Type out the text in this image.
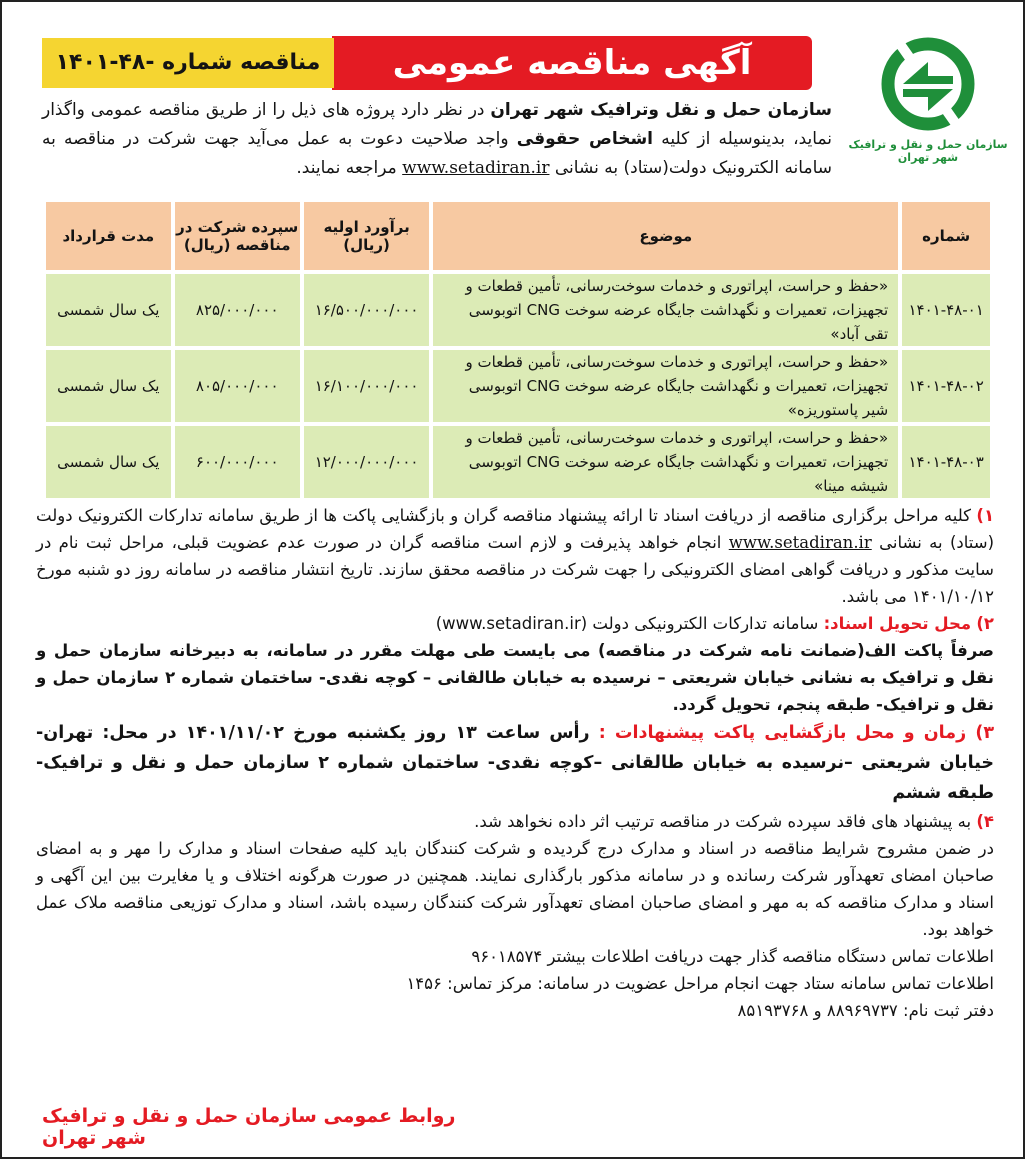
سازمان حمل و نقل و ترافیک شهر تهران
آگهی مناقصه عمومی
مناقصه شماره -۴۸-۱۴۰۱
سازمان حمل و نقل وترافیک شهر تهران در نظر دارد پروژه های ذیل را از طریق مناقصه عمومی واگذار نماید، بدینوسیله از کلیه اشخاص حقوقی واجد صلاحیت دعوت به عمل می‌آید جهت شرکت در مناقصه به سامانه الکترونیک دولت(ستاد) به نشانی www.setadiran.ir مراجعه نمایند.
شماره	موضوع	برآورد اولیه (ریال)	سپرده شرکت در مناقصه (ریال)	مدت قرارداد
۱۴۰۱-۴۸-۰۱	«حفظ و حراست، اپراتوری و خدمات سوخت‌رسانی، تأمین قطعات و تجهیزات، تعمیرات و نگهداشت جایگاه عرضه سوخت CNG اتوبوسی تقی آباد»	۱۶/۵۰۰/۰۰۰/۰۰۰	۸۲۵/۰۰۰/۰۰۰	یک سال شمسی
۱۴۰۱-۴۸-۰۲	«حفظ و حراست، اپراتوری و خدمات سوخت‌رسانی، تأمین قطعات و تجهیزات، تعمیرات و نگهداشت جایگاه عرضه سوخت CNG اتوبوسی شیر پاستوریزه»	۱۶/۱۰۰/۰۰۰/۰۰۰	۸۰۵/۰۰۰/۰۰۰	یک سال شمسی
۱۴۰۱-۴۸-۰۳	«حفظ و حراست، اپراتوری و خدمات سوخت‌رسانی، تأمین قطعات و تجهیزات، تعمیرات و نگهداشت جایگاه عرضه سوخت CNG اتوبوسی شیشه مینا»	۱۲/۰۰۰/۰۰۰/۰۰۰	۶۰۰/۰۰۰/۰۰۰	یک سال شمسی

۱) کلیه مراحل برگزاری مناقصه از دریافت اسناد تا ارائه پیشنهاد مناقصه گران و بازگشایی پاکت ها از طریق سامانه تدارکات الکترونیک دولت (ستاد) به نشانی www.setadiran.ir انجام خواهد پذیرفت و لازم است مناقصه گران در صورت عدم عضویت قبلی، مراحل ثبت نام در سایت مذکور و دریافت گواهی امضای الکترونیکی را جهت شرکت در مناقصه محقق سازند. تاریخ انتشار مناقصه در سامانه روز دو شنبه مورخ ۱۴۰۱/۱۰/۱۲ می باشد.

۲) محل تحویل اسناد: سامانه تدارکات الکترونیکی دولت (www.setadiran.ir)

صرفاً پاکت الف(ضمانت نامه شرکت در مناقصه) می بایست طی مهلت مقرر در سامانه، به دبیرخانه سازمان حمل و نقل و ترافیک به نشانی خیابان شریعتی – نرسیده به خیابان طالقانی – کوچه نقدی- ساختمان شماره ۲ سازمان حمل و نقل و ترافیک- طبقه پنجم، تحویل گردد.

۳) زمان و محل بازگشایی پاکت پیشنهادات : رأس ساعت ۱۳ روز یکشنبه مورخ ۱۴۰۱/۱۱/۰۲ در محل: تهران- خیابان شریعتی –نرسیده به خیابان طالقانی –کوچه نقدی- ساختمان شماره ۲ سازمان حمل و نقل و ترافیک- طبقه ششم

۴) به پیشنهاد های فاقد سپرده شرکت در مناقصه ترتیب اثر داده نخواهد شد.

در ضمن مشروح شرایط مناقصه در اسناد و مدارک درج گردیده و شرکت کنندگان باید کلیه صفحات اسناد و مدارک را مهر و به امضای صاحبان امضای تعهدآور شرکت رسانده و در سامانه مذکور بارگذاری نمایند. همچنین در صورت هرگونه اختلاف و یا مغایرت بین این آگهی و اسناد و مدارک مناقصه که به مهر و امضای صاحبان امضای تعهدآور شرکت کنندگان رسیده باشد، اسناد و مدارک توزیعی مناقصه ملاک عمل خواهد بود.

اطلاعات تماس دستگاه مناقصه گذار جهت دریافت اطلاعات بیشتر ۹۶۰۱۸۵۷۴

اطلاعات تماس سامانه ستاد جهت انجام مراحل عضویت در سامانه: مرکز تماس: ۱۴۵۶

دفتر ثبت نام: ۸۸۹۶۹۷۳۷ و ۸۵۱۹۳۷۶۸

روابط عمومی سازمان حمل و نقل و ترافیک شهر تهران
